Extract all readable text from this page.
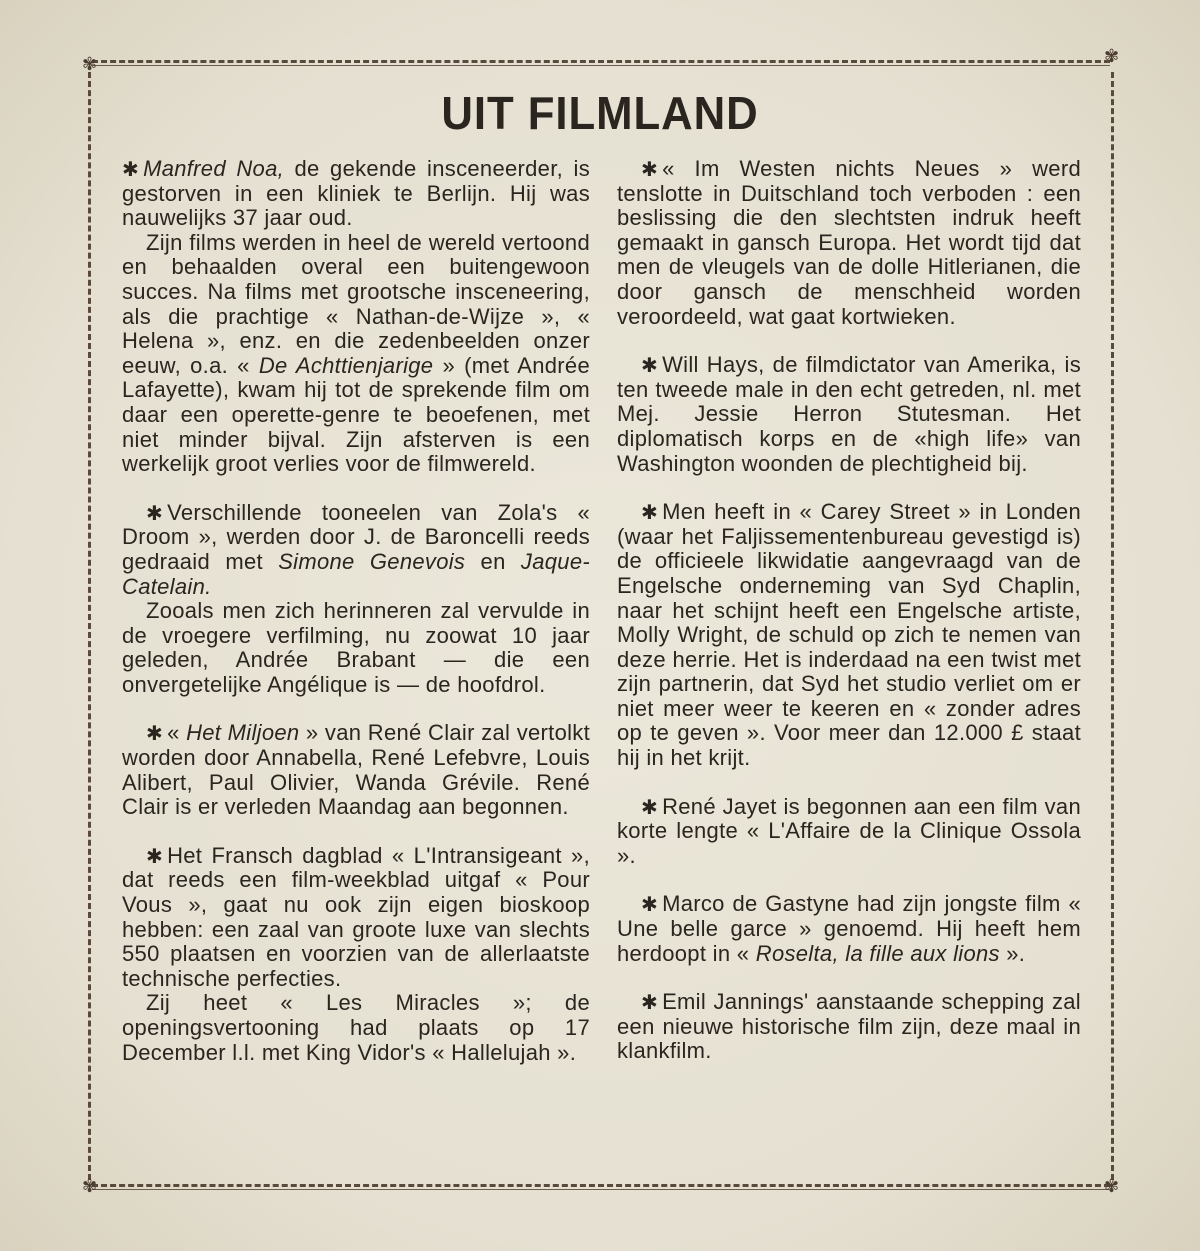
✾	✾
✾	✾
UIT FILMLAND

✱ Manfred Noa, de gekende insceneerder, is gestorven in een kliniek te Berlijn. Hij was nauwelijks 37 jaar oud.

Zijn films werden in heel de wereld vertoond en behaalden overal een buitengewoon succes. Na films met grootsche insceneering, als die prachtige « Nathan-de-Wijze », « Helena », enz. en die zedenbeelden onzer eeuw, o.a. « De Achttienjarige » (met Andrée Lafayette), kwam hij tot de sprekende film om daar een operette-genre te beoefenen, met niet minder bijval. Zijn afsterven is een werkelijk groot verlies voor de filmwereld.

✱ Verschillende tooneelen van Zola's « Droom », werden door J. de Baroncelli reeds gedraaid met Simone Genevois en Jaque-Catelain.

Zooals men zich herinneren zal vervulde in de vroegere verfilming, nu zoowat 10 jaar geleden, Andrée Brabant — die een onvergetelijke Angélique is — de hoofdrol.

✱ « Het Miljoen » van René Clair zal vertolkt worden door Annabella, René Lefebvre, Louis Alibert, Paul Olivier, Wanda Grévile. René Clair is er verleden Maandag aan begonnen.

✱ Het Fransch dagblad « L'Intransigeant », dat reeds een film-weekblad uitgaf « Pour Vous », gaat nu ook zijn eigen bioskoop hebben: een zaal van groote luxe van slechts 550 plaatsen en voorzien van de allerlaatste technische perfecties.

Zij heet « Les Miracles »; de openingsvertooning had plaats op 17 December l.l. met King Vidor's « Hallelujah ».

✱ « Im Westen nichts Neues » werd tenslotte in Duitschland toch verboden : een beslissing die den slechtsten indruk heeft gemaakt in gansch Europa. Het wordt tijd dat men de vleugels van de dolle Hitlerianen, die door gansch de menschheid worden veroordeeld, wat gaat kortwieken.

✱ Will Hays, de filmdictator van Amerika, is ten tweede male in den echt getreden, nl. met Mej. Jessie Herron Stutesman. Het diplomatisch korps en de «high life» van Washington woonden de plechtigheid bij.

✱ Men heeft in « Carey Street » in Londen (waar het Faljissementenbureau gevestigd is) de officieele likwidatie aangevraagd van de Engelsche onderneming van Syd Chaplin, naar het schijnt heeft een Engelsche artiste, Molly Wright, de schuld op zich te nemen van deze herrie. Het is inderdaad na een twist met zijn partnerin, dat Syd het studio verliet om er niet meer weer te keeren en « zonder adres op te geven ». Voor meer dan 12.000 £ staat hij in het krijt.

✱ René Jayet is begonnen aan een film van korte lengte « L'Affaire de la Clinique Ossola ».

✱ Marco de Gastyne had zijn jongste film « Une belle garce » genoemd. Hij heeft hem herdoopt in « Roselta, la fille aux lions ».

✱ Emil Jannings' aanstaande schepping zal een nieuwe historische film zijn, deze maal in klankfilm.
